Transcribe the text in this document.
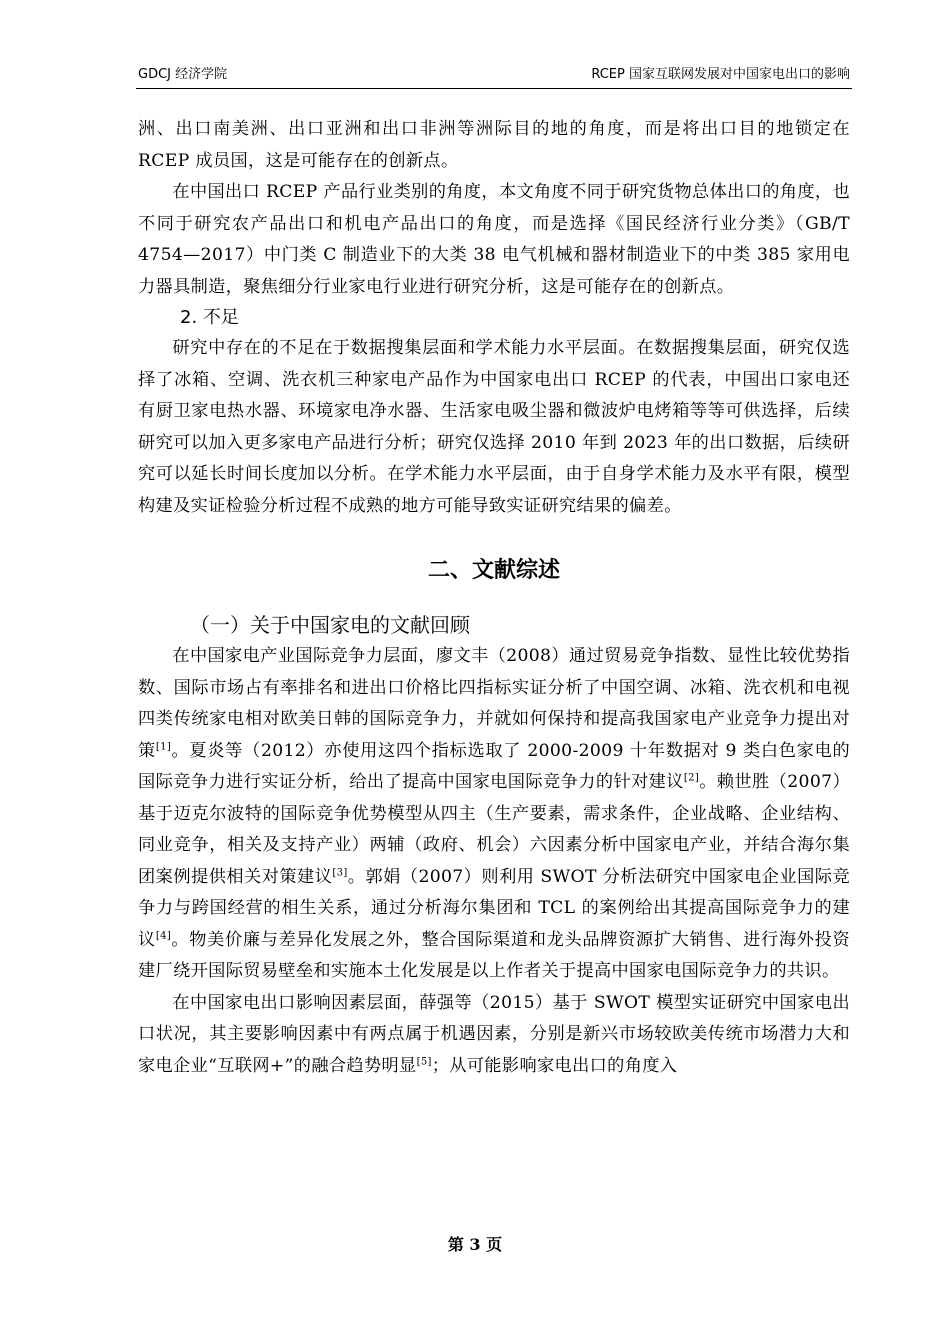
GDCJ 经济学院	RCEP 国家互联网发展对中国家电出口的影响

洲、出口南美洲、出口亚洲和出口非洲等洲际目的地的角度，而是将出口目的地锁定在 RCEP 成员国，这是可能存在的创新点。

在中国出口 RCEP 产品行业类别的角度，本文角度不同于研究货物总体出口的角度，也不同于研究农产品出口和机电产品出口的角度，而是选择《国民经济行业分类》（GB/T　4754—2017）中门类 C 制造业下的大类 38 电气机械和器材制造业下的中类 385 家用电力器具制造，聚焦细分行业家电行业进行研究分析，这是可能存在的创新点。

2. 不足

研究中存在的不足在于数据搜集层面和学术能力水平层面。在数据搜集层面，研究仅选择了冰箱、空调、洗衣机三种家电产品作为中国家电出口 RCEP 的代表，中国出口家电还有厨卫家电热水器、环境家电净水器、生活家电吸尘器和微波炉电烤箱等等可供选择，后续研究可以加入更多家电产品进行分析；研究仅选择 2010 年到 2023 年的出口数据，后续研究可以延长时间长度加以分析。在学术能力水平层面，由于自身学术能力及水平有限，模型构建及实证检验分析过程不成熟的地方可能导致实证研究结果的偏差。

二、文献综述
（一）关于中国家电的文献回顾

在中国家电产业国际竞争力层面，廖文丰（2008）通过贸易竞争指数、显性比较优势指数、国际市场占有率排名和进出口价格比四指标实证分析了中国空调、冰箱、洗衣机和电视四类传统家电相对欧美日韩的国际竞争力，并就如何保持和提高我国家电产业竞争力提出对策[1]。夏炎等（2012）亦使用这四个指标选取了 2000-2009 十年数据对 9 类白色家电的国际竞争力进行实证分析，给出了提高中国家电国际竞争力的针对建议[2]。赖世胜（2007）基于迈克尔波特的国际竞争优势模型从四主（生产要素，需求条件，企业战略、企业结构、同业竞争，相关及支持产业）两辅（政府、机会）六因素分析中国家电产业，并结合海尔集团案例提供相关对策建议[3]。郭娟（2007）则利用 SWOT 分析法研究中国家电企业国际竞争力与跨国经营的相生关系，通过分析海尔集团和 TCL 的案例给出其提高国际竞争力的建议[4]。物美价廉与差异化发展之外，整合国际渠道和龙头品牌资源扩大销售、进行海外投资建厂绕开国际贸易壁垒和实施本土化发展是以上作者关于提高中国家电国际竞争力的共识。

在中国家电出口影响因素层面，薛强等（2015）基于 SWOT 模型实证研究中国家电出口状况，其主要影响因素中有两点属于机遇因素，分别是新兴市场较欧美传统市场潜力大和家电企业“互联网+”的融合趋势明显[5]；从可能影响家电出口的角度入

第 3 页
